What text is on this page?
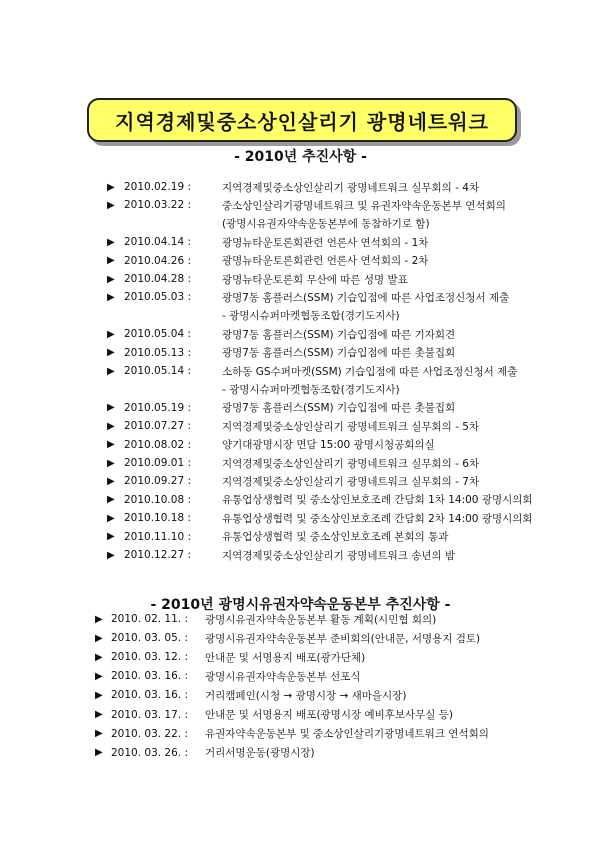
지역경제및중소상인살리기 광명네트워크
- 2010년 추진사항 -
▶ 2010.02.19 :	지역경제및중소상인살리기 광명네트워크 실무회의 - 4차
▶ 2010.03.22 :	중소상인살리기광명네트워크 및 유권자약속운동본부 연석회의
(광명시유권자약속운동본부에 동참하기로 함)
▶ 2010.04.14 :	광명뉴타운토론회관련 언론사 연석회의 - 1차
▶ 2010.04.26 :	광명뉴타운토론회관련 언론사 연석회의 - 2차
▶ 2010.04.28 :	광명뉴타운토론회 무산에 따른 성명 발표
▶ 2010.05.03 :	광명7동 홈플러스(SSM) 기습입점에 따른 사업조정신청서 제출
- 광명시슈퍼마켓협동조합(경기도지사)
▶ 2010.05.04 :	광명7동 홈플러스(SSM) 기습입점에 따른 기자회견
▶ 2010.05.13 :	광명7동 홈플러스(SSM) 기습입점에 따른 촛불집회
▶ 2010.05.14 :	소하동 GS수퍼마켓(SSM) 기습입점에 따른 사업조정신청서 제출
- 광명시슈퍼마켓협동조합(경기도지사)
▶ 2010.05.19 :	광명7동 홈플러스(SSM) 기습입점에 따른 촛불집회
▶ 2010.07.27 :	지역경제및중소상인살리기 광명네트워크 실무회의 - 5차
▶ 2010.08.02 :	양기대광명시장 면담 15:00 광명시청공회의실
▶ 2010.09.01 :	지역경제및중소상인살리기 광명네트워크 실무회의 - 6차
▶ 2010.09.27 :	지역경제및중소상인살리기 광명네트워크 실무회의 - 7차
▶ 2010.10.08 :	유통업상생협력 및 중소상인보호조례 간담회 1차 14:00 광명시의회
▶ 2010.10.18 :	유통업상생협력 및 중소상인보호조례 간담회 2차 14:00 광명시의회
▶ 2010.11.10 :	유통업상생협력 및 중소상인보호조례 본회의 통과
▶ 2010.12.27 :	지역경제및중소상인살리기 광명네트워크 송년의 밤
- 2010년 광명시유권자약속운동본부 추진사항 -
▶ 2010. 02. 11. : 광명시유권자약속운동본부 활동 계획(시민협 회의)
▶ 2010. 03. 05. : 광명시유권자약속운동본부 준비회의(안내문, 서명용지 검토)
▶ 2010. 03. 12. : 안내문 및 서명용지 배포(광가단체)
▶ 2010. 03. 16. : 광명시유권자약속운동본부 선포식
▶ 2010. 03. 16. : 거리캠페인(시청 → 광명시장 → 새마을시장)
▶ 2010. 03. 17. : 안내문 및 서명용지 배포(광명시장 예비후보사무실 등)
▶ 2010. 03. 22. : 유권자약속운동본부 및 중소상인살리기광명네트워크 연석회의
▶ 2010. 03. 26. : 거리서명운동(광명시장)
